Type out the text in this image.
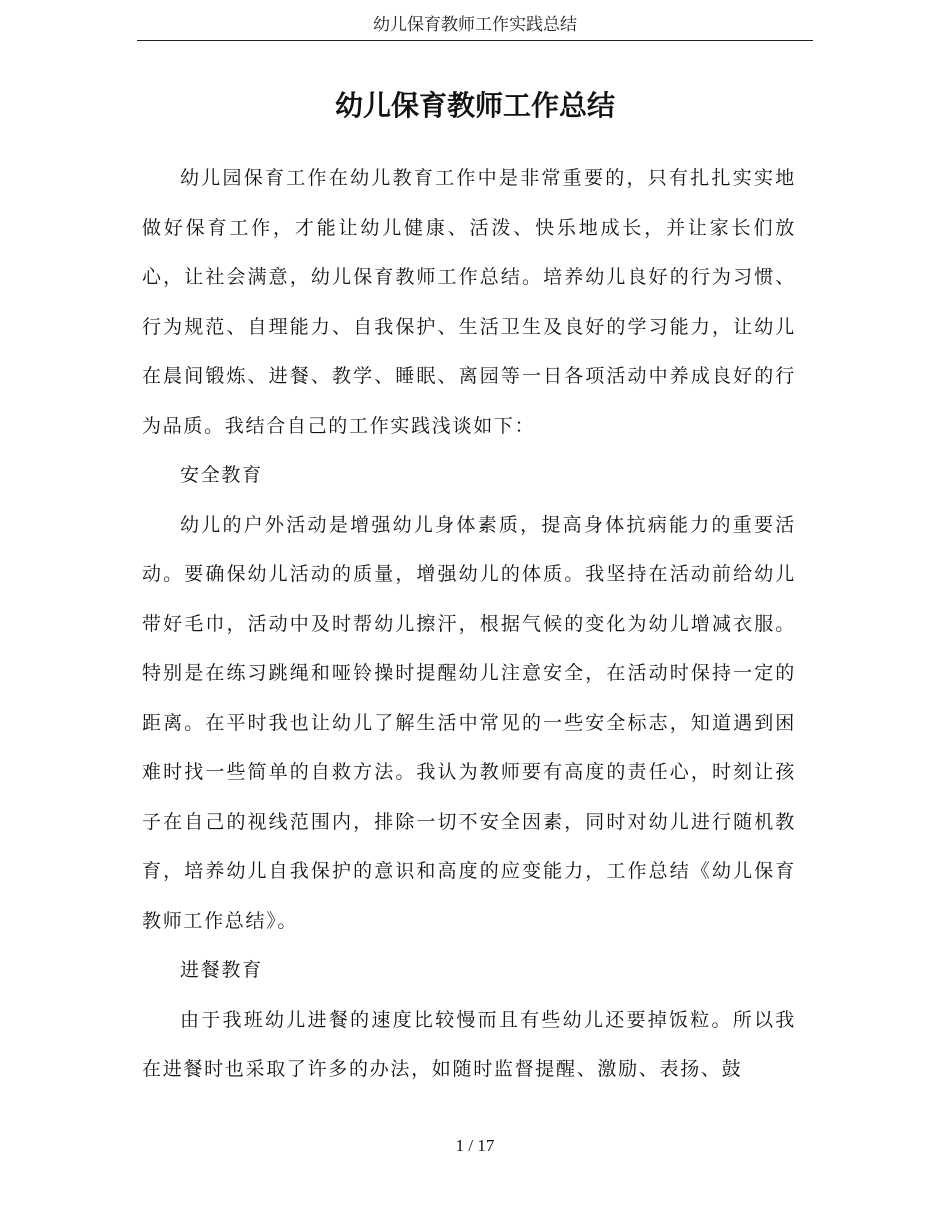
幼儿保育教师工作实践总结
幼儿保育教师工作总结

幼儿园保育工作在幼儿教育工作中是非常重要的，只有扎扎实实地做好保育工作，才能让幼儿健康、活泼、快乐地成长，并让家长们放心，让社会满意，幼儿保育教师工作总结。培养幼儿良好的行为习惯、行为规范、自理能力、自我保护、生活卫生及良好的学习能力，让幼儿在晨间锻炼、进餐、教学、睡眠、离园等一日各项活动中养成良好的行为品质。我结合自己的工作实践浅谈如下：

安全教育

幼儿的户外活动是增强幼儿身体素质，提高身体抗病能力的重要活动。要确保幼儿活动的质量，增强幼儿的体质。我坚持在活动前给幼儿带好毛巾，活动中及时帮幼儿擦汗，根据气候的变化为幼儿增减衣服。特别是在练习跳绳和哑铃操时提醒幼儿注意安全，在活动时保持一定的距离。在平时我也让幼儿了解生活中常见的一些安全标志，知道遇到困难时找一些简单的自救方法。我认为教师要有高度的责任心，时刻让孩子在自己的视线范围内，排除一切不安全因素，同时对幼儿进行随机教育，培养幼儿自我保护的意识和高度的应变能力，工作总结《幼儿保育教师工作总结》。

进餐教育

由于我班幼儿进餐的速度比较慢而且有些幼儿还要掉饭粒。所以我在进餐时也采取了许多的办法，如随时监督提醒、激励、表扬、鼓

1 / 17
